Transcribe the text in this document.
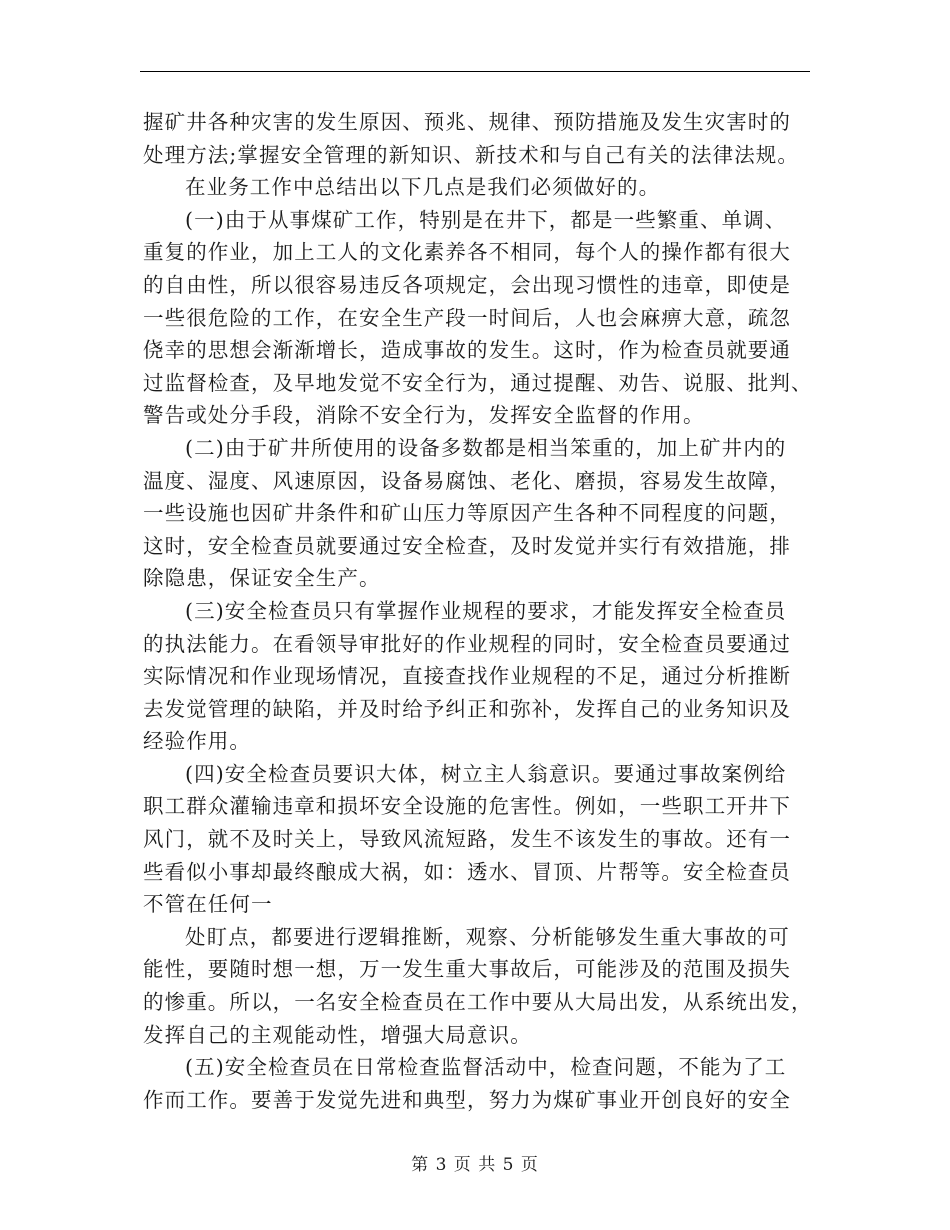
握矿井各种灾害的发生原因、预兆、规律、预防措施及发生灾害时的
处理方法;掌握安全管理的新知识、新技术和与自己有关的法律法规。
在业务工作中总结出以下几点是我们必须做好的。
(一)由于从事煤矿工作，特别是在井下，都是一些繁重、单调、
重复的作业，加上工人的文化素养各不相同，每个人的操作都有很大
的自由性，所以很容易违反各项规定，会出现习惯性的违章，即使是
一些很危险的工作，在安全生产段一时间后，人也会麻痹大意，疏忽
侥幸的思想会渐渐增长，造成事故的发生。这时，作为检查员就要通
过监督检查，及早地发觉不安全行为，通过提醒、劝告、说服、批判、
警告或处分手段，消除不安全行为，发挥安全监督的作用。
(二)由于矿井所使用的设备多数都是相当笨重的，加上矿井内的
温度、湿度、风速原因，设备易腐蚀、老化、磨损，容易发生故障，
一些设施也因矿井条件和矿山压力等原因产生各种不同程度的问题，
这时，安全检查员就要通过安全检查，及时发觉并实行有效措施，排
除隐患，保证安全生产。
(三)安全检查员只有掌握作业规程的要求，才能发挥安全检查员
的执法能力。在看领导审批好的作业规程的同时，安全检查员要通过
实际情况和作业现场情况，直接查找作业规程的不足，通过分析推断
去发觉管理的缺陷，并及时给予纠正和弥补，发挥自己的业务知识及
经验作用。
(四)安全检查员要识大体，树立主人翁意识。要通过事故案例给
职工群众灌输违章和损坏安全设施的危害性。例如，一些职工开井下
风门，就不及时关上，导致风流短路，发生不该发生的事故。还有一
些看似小事却最终酿成大祸，如：透水、冒顶、片帮等。安全检查员
不管在任何一
处盯点，都要进行逻辑推断，观察、分析能够发生重大事故的可
能性，要随时想一想，万一发生重大事故后，可能涉及的范围及损失
的惨重。所以，一名安全检查员在工作中要从大局出发，从系统出发，
发挥自己的主观能动性，增强大局意识。
(五)安全检查员在日常检查监督活动中，检查问题，不能为了工
作而工作。要善于发觉先进和典型，努力为煤矿事业开创良好的安全
第 3 页 共 5 页
